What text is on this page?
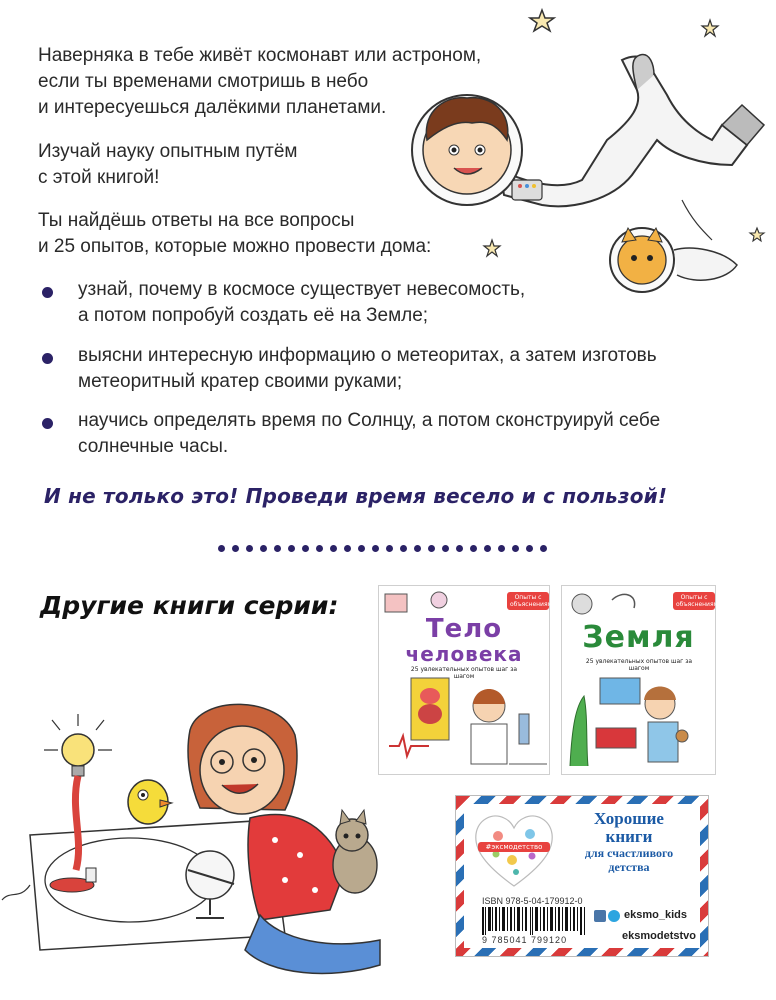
Наверняка в тебе живёт космонавт или астроном,
если ты временами смотришь в небо
и интересуешься далёкими планетами.
Изучай науку опытным путём
с этой книгой!
Ты найдёшь ответы на все вопросы
и 25 опытов, которые можно провести дома:
узнай, почему в космосе существует невесомость,
а потом попробуй создать её на Земле;
выясни интересную информацию о метеоритах, а затем изготовь
метеоритный кратер своими руками;
научись определять время по Солнцу, а потом сконструируй себе
солнечные часы.
И не только это! Проведи время весело и с пользой!
Другие книги серии:	Опыты с объяснениями
Тело
человека
25 увлекательных опытов шаг за шагом
Опыты с объяснениями
Земля
25 увлекательных опытов шаг за шагом
#эксмодетство
Хорошие
книги
для счастливого
детства
ISBN 978-5-04-179912-0
9 785041 799120
eksmo_kids
eksmodetstvo
